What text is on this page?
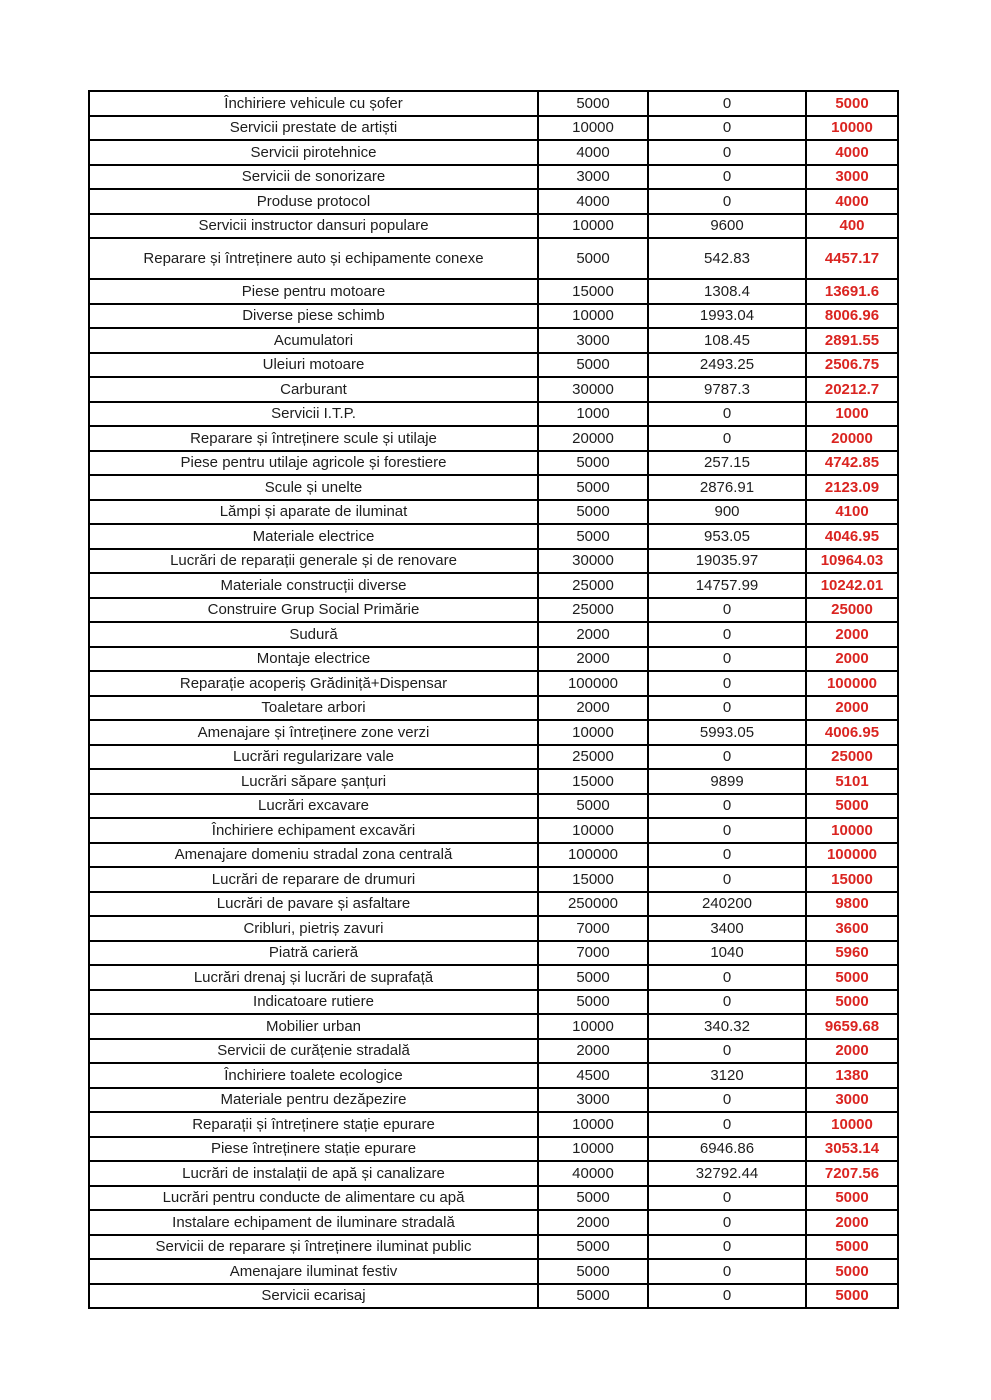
Închiriere vehicule cu șofer	5000	0	5000
Servicii prestate de artiști	10000	0	10000
Servicii pirotehnice	4000	0	4000
Servicii de sonorizare	3000	0	3000
Produse protocol	4000	0	4000
Servicii instructor dansuri populare	10000	9600	400
Reparare și întreținere auto și echipamente conexe	5000	542.83	4457.17
Piese pentru motoare	15000	1308.4	13691.6
Diverse piese schimb	10000	1993.04	8006.96
Acumulatori	3000	108.45	2891.55
Uleiuri motoare	5000	2493.25	2506.75
Carburant	30000	9787.3	20212.7
Servicii I.T.P.	1000	0	1000
Reparare și întreținere scule și utilaje	20000	0	20000
Piese pentru utilaje agricole și forestiere	5000	257.15	4742.85
Scule și unelte	5000	2876.91	2123.09
Lămpi și aparate de iluminat	5000	900	4100
Materiale electrice	5000	953.05	4046.95
Lucrări de reparații generale și de renovare	30000	19035.97	10964.03
Materiale construcții diverse	25000	14757.99	10242.01
Construire Grup Social Primărie	25000	0	25000
Sudură	2000	0	2000
Montaje electrice	2000	0	2000
Reparație acoperiș Grădiniță+Dispensar	100000	0	100000
Toaletare arbori	2000	0	2000
Amenajare și întreținere zone verzi	10000	5993.05	4006.95
Lucrări regularizare vale	25000	0	25000
Lucrări săpare șanțuri	15000	9899	5101
Lucrări excavare	5000	0	5000
Închiriere echipament excavări	10000	0	10000
Amenajare domeniu stradal zona centrală	100000	0	100000
Lucrări de reparare de drumuri	15000	0	15000
Lucrări de pavare și asfaltare	250000	240200	9800
Cribluri, pietriș zavuri	7000	3400	3600
Piatră carieră	7000	1040	5960
Lucrări drenaj și lucrări de suprafață	5000	0	5000
Indicatoare rutiere	5000	0	5000
Mobilier urban	10000	340.32	9659.68
Servicii de curățenie stradală	2000	0	2000
Închiriere toalete ecologice	4500	3120	1380
Materiale pentru dezăpezire	3000	0	3000
Reparații și întreținere stație epurare	10000	0	10000
Piese întreținere stație epurare	10000	6946.86	3053.14
Lucrări de instalații de apă și canalizare	40000	32792.44	7207.56
Lucrări pentru conducte de alimentare cu apă	5000	0	5000
Instalare echipament de iluminare stradală	2000	0	2000
Servicii de reparare și întreținere iluminat public	5000	0	5000
Amenajare iluminat festiv	5000	0	5000
Servicii ecarisaj	5000	0	5000
